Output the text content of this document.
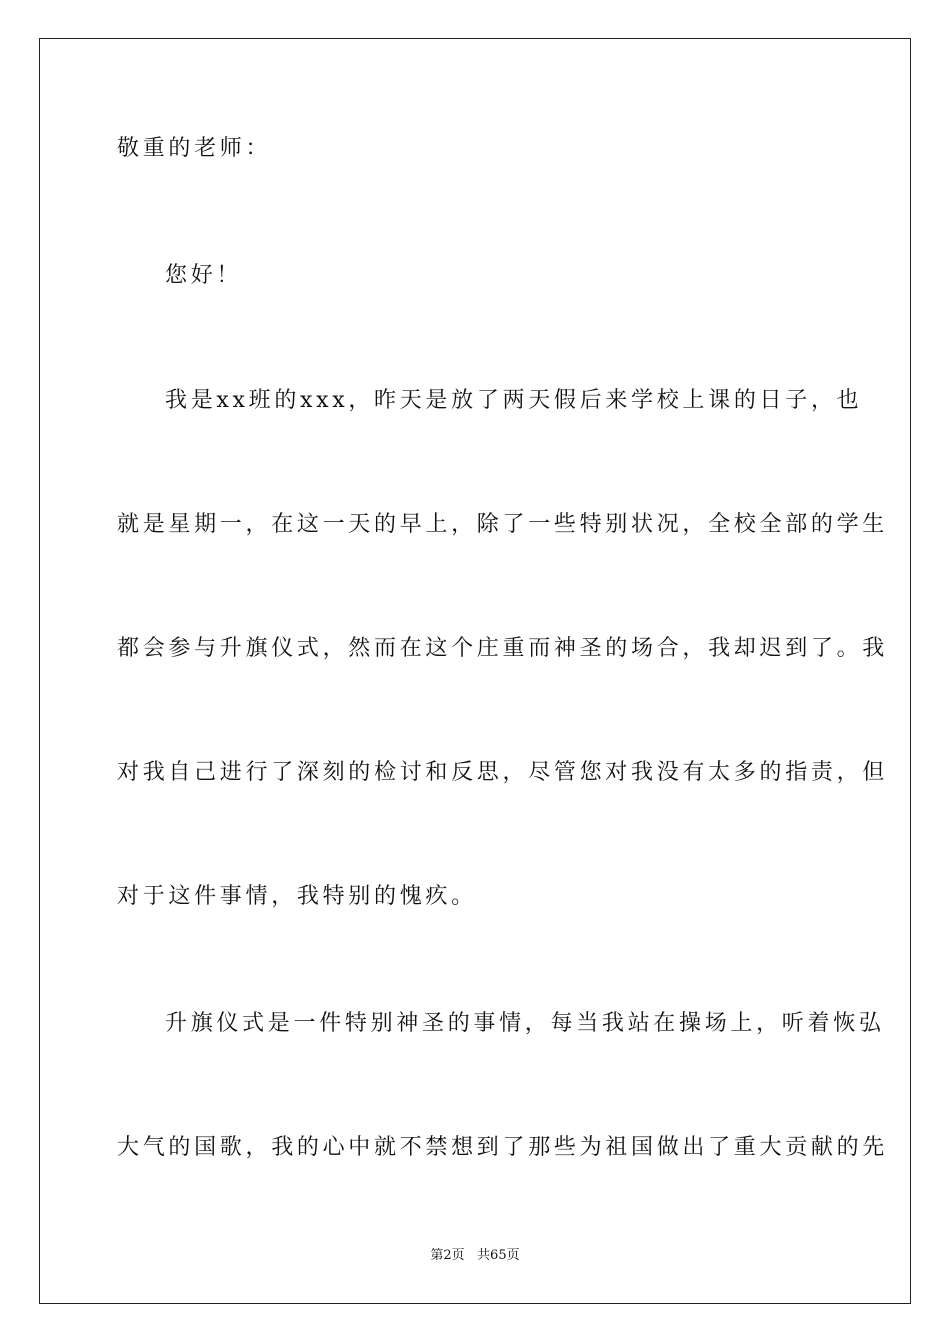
敬重的老师：
您好！
我是xx班的xxx，昨天是放了两天假后来学校上课的日子，也
就是星期一，在这一天的早上，除了一些特别状况，全校全部的学生
都会参与升旗仪式，然而在这个庄重而神圣的场合，我却迟到了。我
对我自己进行了深刻的检讨和反思，尽管您对我没有太多的指责，但
对于这件事情，我特别的愧疚。
升旗仪式是一件特别神圣的事情，每当我站在操场上，听着恢弘
大气的国歌，我的心中就不禁想到了那些为祖国做出了重大贡献的先
第2页   共65页
